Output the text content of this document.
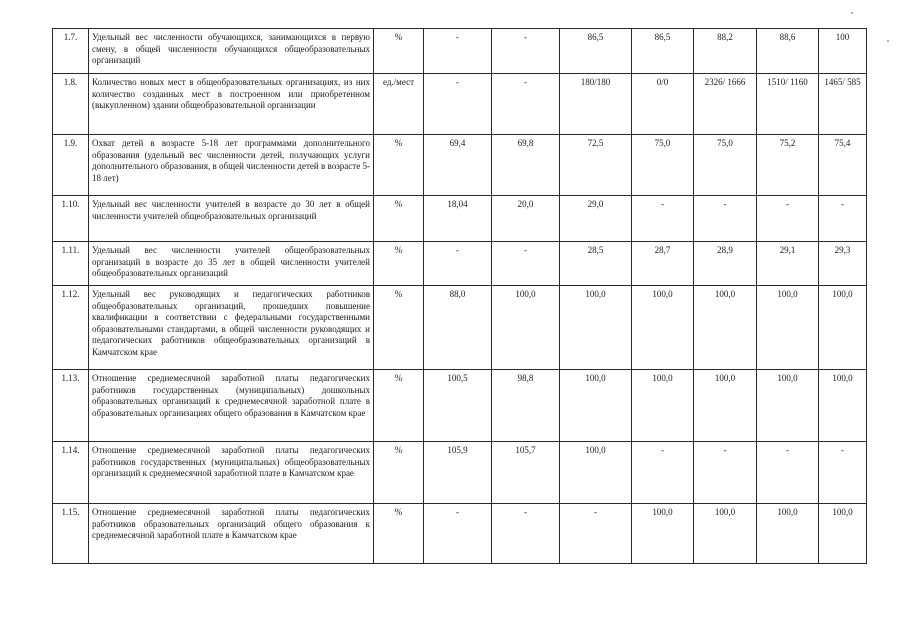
1.7.	Удельный вес численности обучающихся, занимающихся в первую смену, в общей численности обучающихся общеобразовательных организаций	%	-	-	86,5	86,5	88,2	88,6	100
1.8.	Количество новых мест в общеобразовательных организациях, из них количество созданных мест в построенном или приобретенном (выкупленном) здании общеобразовательной организации	ед./мест	-	-	180/180	0/0	2326/ 1666	1510/ 1160	1465/ 585
1.9.	Охват детей в возрасте 5-18 лет программами дополнительного образования (удельный вес численности детей, получающих услуги дополнительного образования, в общей численности детей в возрасте 5-18 лет)	%	69,4	69,8	72,5	75,0	75,0	75,2	75,4
1.10.	Удельный вес численности учителей в возрасте до 30 лет в общей численности учителей общеобразовательных организаций	%	18,04	20,0	29,0	-	-	-	-
1.11.	Удельный вес численности учителей общеобразовательных организаций в возрасте до 35 лет в общей численности учителей общеобразовательных организаций	%	-	-	28,5	28,7	28,9	29,1	29,3
1.12.	Удельный вес руководящих и педагогических работников общеобразовательных организаций, прошедших повышение квалификации в соответствии с федеральными государственными образовательными стандартами, в общей численности руководящих и педагогических работников общеобразовательных организаций в Камчатском крае	%	88,0	100,0	100,0	100,0	100,0	100,0	100,0
1.13.	Отношение среднемесячной заработной платы педагогических работников государственных (муниципальных) дошкольных образовательных организаций к среднемесячной заработной плате в образовательных организациях общего образования в Камчатском крае	%	100,5	98,8	100,0	100,0	100,0	100,0	100,0
1.14.	Отношение среднемесячной заработной платы педагогических работников государственных (муниципальных) общеобразовательных организаций к среднемесячной заработной плате в Камчатском крае	%	105,9	105,7	100,0	-	-	-	-
1.15.	Отношение среднемесячной заработной платы педагогических работников образовательных организаций общего образования к среднемесячной заработной плате в Камчатском крае	%	-	-	-	100,0	100,0	100,0	100,0
